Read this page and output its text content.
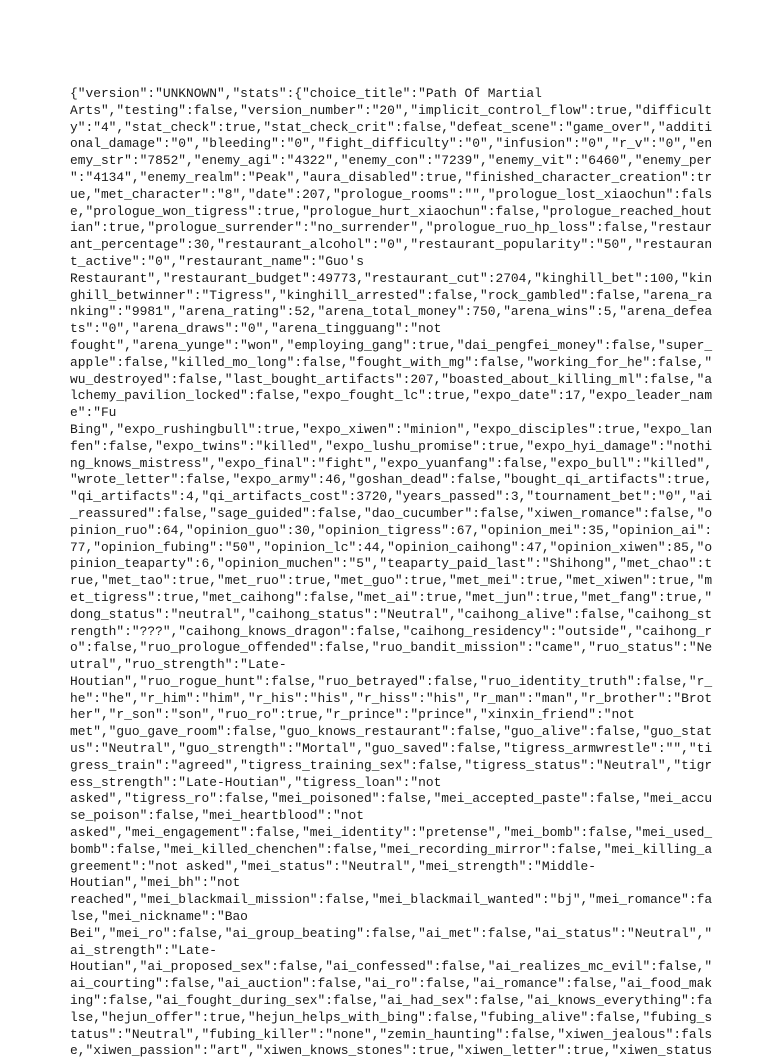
{"version":"UNKNOWN","stats":{"choice_title":"Path Of Martial
Arts","testing":false,"version_number":"20","implicit_control_flow":true,"difficult
y":"4","stat_check":true,"stat_check_crit":false,"defeat_scene":"game_over","additi
onal_damage":"0","bleeding":"0","fight_difficulty":"0","infusion":"0","r_v":"0","en
emy_str":"7852","enemy_agi":"4322","enemy_con":"7239","enemy_vit":"6460","enemy_per
":"4134","enemy_realm":"Peak","aura_disabled":true,"finished_character_creation":tr
ue,"met_character":"8","date":207,"prologue_rooms":"","prologue_lost_xiaochun":fals
e,"prologue_won_tigress":true,"prologue_hurt_xiaochun":false,"prologue_reached_hout
ian":true,"prologue_surrender":"no_surrender","prologue_ruo_hp_loss":false,"restaur
ant_percentage":30,"restaurant_alcohol":"0","restaurant_popularity":"50","restauran
t_active":"0","restaurant_name":"Guo's
Restaurant","restaurant_budget":49773,"restaurant_cut":2704,"kinghill_bet":100,"kin
ghill_betwinner":"Tigress","kinghill_arrested":false,"rock_gambled":false,"arena_ra
nking":"9981","arena_rating":52,"arena_total_money":750,"arena_wins":5,"arena_defea
ts":"0","arena_draws":"0","arena_tingguang":"not
fought","arena_yunge":"won","employing_gang":true,"dai_pengfei_money":false,"super_
apple":false,"killed_mo_long":false,"fought_with_mg":false,"working_for_he":false,"
wu_destroyed":false,"last_bought_artifacts":207,"boasted_about_killing_ml":false,"a
lchemy_pavilion_locked":false,"expo_fought_lc":true,"expo_date":17,"expo_leader_nam
e":"Fu
Bing","expo_rushingbull":true,"expo_xiwen":"minion","expo_disciples":true,"expo_lan
fen":false,"expo_twins":"killed","expo_lushu_promise":true,"expo_hyi_damage":"nothi
ng_knows_mistress","expo_final":"fight","expo_yuanfang":false,"expo_bull":"killed",
"wrote_letter":false,"expo_army":46,"goshan_dead":false,"bought_qi_artifacts":true,
"qi_artifacts":4,"qi_artifacts_cost":3720,"years_passed":3,"tournament_bet":"0","ai
_reassured":false,"sage_guided":false,"dao_cucumber":false,"xiwen_romance":false,"o
pinion_ruo":64,"opinion_guo":30,"opinion_tigress":67,"opinion_mei":35,"opinion_ai":
77,"opinion_fubing":"50","opinion_lc":44,"opinion_caihong":47,"opinion_xiwen":85,"o
pinion_teaparty":6,"opinion_muchen":"5","teaparty_paid_last":"Shihong","met_chao":t
rue,"met_tao":true,"met_ruo":true,"met_guo":true,"met_mei":true,"met_xiwen":true,"m
et_tigress":true,"met_caihong":false,"met_ai":true,"met_jun":true,"met_fang":true,"
dong_status":"neutral","caihong_status":"Neutral","caihong_alive":false,"caihong_st
rength":"???","caihong_knows_dragon":false,"caihong_residency":"outside","caihong_r
o":false,"ruo_prologue_offended":false,"ruo_bandit_mission":"came","ruo_status":"Ne
utral","ruo_strength":"Late-
Houtian","ruo_rogue_hunt":false,"ruo_betrayed":false,"ruo_identity_truth":false,"r_
he":"he","r_him":"him","r_his":"his","r_hiss":"his","r_man":"man","r_brother":"Brot
her","r_son":"son","ruo_ro":true,"r_prince":"prince","xinxin_friend":"not
met","guo_gave_room":false,"guo_knows_restaurant":false,"guo_alive":false,"guo_stat
us":"Neutral","guo_strength":"Mortal","guo_saved":false,"tigress_armwrestle":"","ti
gress_train":"agreed","tigress_training_sex":false,"tigress_status":"Neutral","tigr
ess_strength":"Late-Houtian","tigress_loan":"not
asked","tigress_ro":false,"mei_poisoned":false,"mei_accepted_paste":false,"mei_accu
se_poison":false,"mei_heartblood":"not
asked","mei_engagement":false,"mei_identity":"pretense","mei_bomb":false,"mei_used_
bomb":false,"mei_killed_chenchen":false,"mei_recording_mirror":false,"mei_killing_a
greement":"not asked","mei_status":"Neutral","mei_strength":"Middle-
Houtian","mei_bh":"not
reached","mei_blackmail_mission":false,"mei_blackmail_wanted":"bj","mei_romance":fa
lse,"mei_nickname":"Bao
Bei","mei_ro":false,"ai_group_beating":false,"ai_met":false,"ai_status":"Neutral","
ai_strength":"Late-
Houtian","ai_proposed_sex":false,"ai_confessed":false,"ai_realizes_mc_evil":false,"
ai_courting":false,"ai_auction":false,"ai_ro":false,"ai_romance":false,"ai_food_mak
ing":false,"ai_fought_during_sex":false,"ai_had_sex":false,"ai_knows_everything":fa
lse,"hejun_offer":true,"hejun_helps_with_bing":false,"fubing_alive":false,"fubing_s
tatus":"Neutral","fubing_killer":"none","zemin_haunting":false,"xiwen_jealous":fals
e,"xiwen_passion":"art","xiwen_knows_stones":true,"xiwen_letter":true,"xiwen_status
